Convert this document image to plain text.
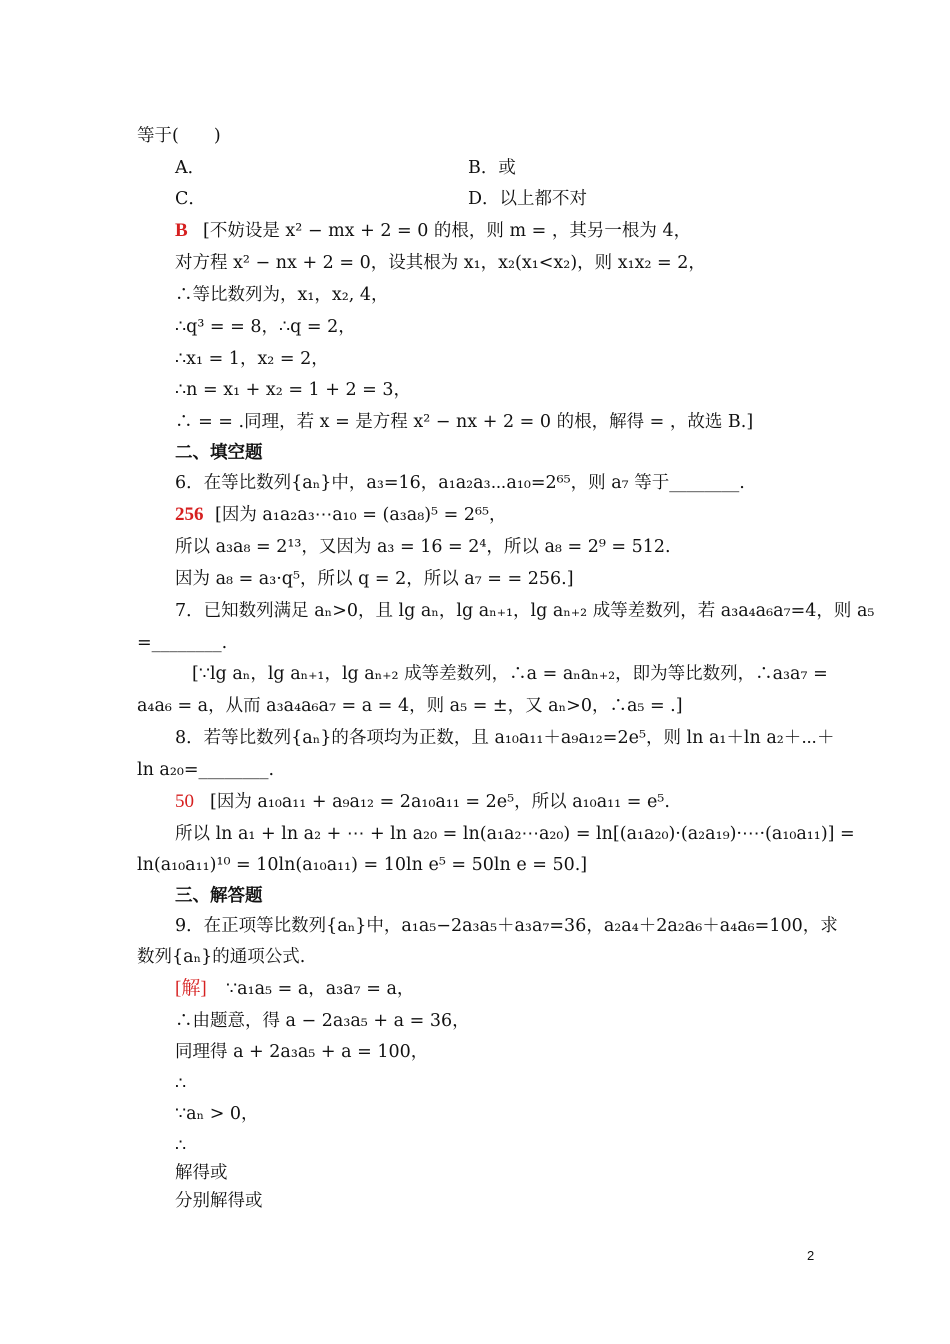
等于(　　)
A．	B．或
C．	D．以上都不对
B [不妨设是 x² − mx + 2 = 0 的根，则 m = ，其另一根为 4，
对方程 x² − nx + 2 = 0，设其根为 x₁，x₂(x₁<x₂)，则 x₁x₂ = 2，
∴等比数列为，x₁，x₂, 4，
∴q³ = = 8，∴q = 2，
∴x₁ = 1，x₂ = 2，
∴n = x₁ + x₂ = 1 + 2 = 3，
∴ = = .同理，若 x = 是方程 x² − nx + 2 = 0 的根，解得 = ，故选 B.]
二、填空题
6．在等比数列{aₙ}中，a₃=16，a₁a₂a₃⋯a₁₀=2⁶⁵，则 a₇ 等于________.
256 [因为 a₁a₂a₃⋯a₁₀ = (a₃a₈)⁵ = 2⁶⁵，
所以 a₃a₈ = 2¹³，又因为 a₃ = 16 = 2⁴，所以 a₈ = 2⁹ = 512.
因为 a₈ = a₃·q⁵，所以 q = 2，所以 a₇ = = 256.]
7．已知数列满足 aₙ>0，且 lg aₙ，lg aₙ₊₁，lg aₙ₊₂ 成等差数列，若 a₃a₄a₆a₇=4，则 a₅
=________.
[∵lg aₙ，lg aₙ₊₁，lg aₙ₊₂ 成等差数列，∴a = aₙaₙ₊₂，即为等比数列，∴a₃a₇ =
a₄a₆ = a，从而 a₃a₄a₆a₇ = a = 4，则 a₅ = ±，又 aₙ>0，∴a₅ = .]
8．若等比数列{aₙ}的各项均为正数，且 a₁₀a₁₁＋a₉a₁₂=2e⁵，则 ln a₁＋ln a₂＋⋯＋
ln a₂₀=________.
50 [因为 a₁₀a₁₁ + a₉a₁₂ = 2a₁₀a₁₁ = 2e⁵，所以 a₁₀a₁₁ = e⁵.
所以 ln a₁ + ln a₂ + ⋯ + ln a₂₀ = ln(a₁a₂⋯a₂₀) = ln[(a₁a₂₀)·(a₂a₁₉)·⋯·(a₁₀a₁₁)] =
ln(a₁₀a₁₁)¹⁰ = 10ln(a₁₀a₁₁) = 10ln e⁵ = 50ln e = 50.]
三、解答题
9．在正项等比数列{aₙ}中，a₁a₅−2a₃a₅＋a₃a₇=36，a₂a₄＋2a₂a₆＋a₄a₆=100，求
数列{aₙ}的通项公式.
[解] ∵a₁a₅ = a，a₃a₇ = a，
∴由题意，得 a − 2a₃a₅ + a = 36，
同理得 a + 2a₃a₅ + a = 100，
∴
∵aₙ > 0，
∴
解得或
分别解得或
2
